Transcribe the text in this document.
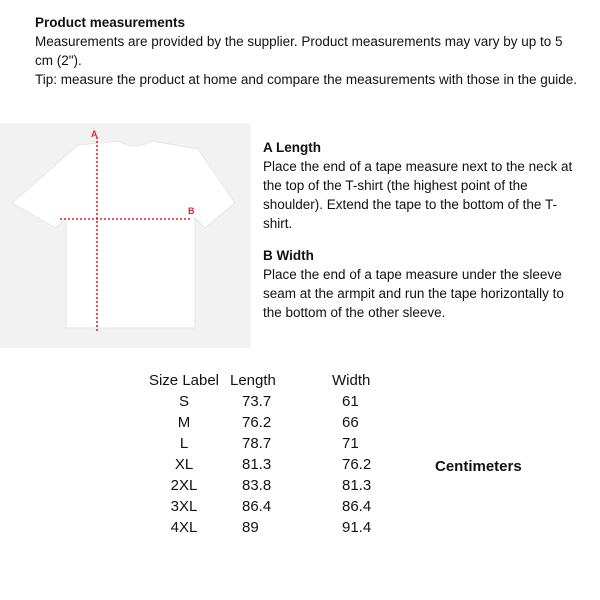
Product measurements
Measurements are provided by the supplier. Product measurements may vary by up to 5 cm (2").
Tip: measure the product at home and compare the measurements with those in the guide.
A
B
A Length
Place the end of a tape measure next to the neck at the top of the T-shirt (the highest point of the shoulder). Extend the tape to the bottom of the T-shirt.
B Width
Place the end of a tape measure under the sleeve seam at the armpit and run the tape horizontally to the bottom of the other sleeve.
Size Label	Length	Width
S	73.7	61
M	76.2	66
L	78.7	71
XL	81.3	76.2
2XL	83.8	81.3
3XL	86.4	86.4
4XL	89	91.4
Centimeters
